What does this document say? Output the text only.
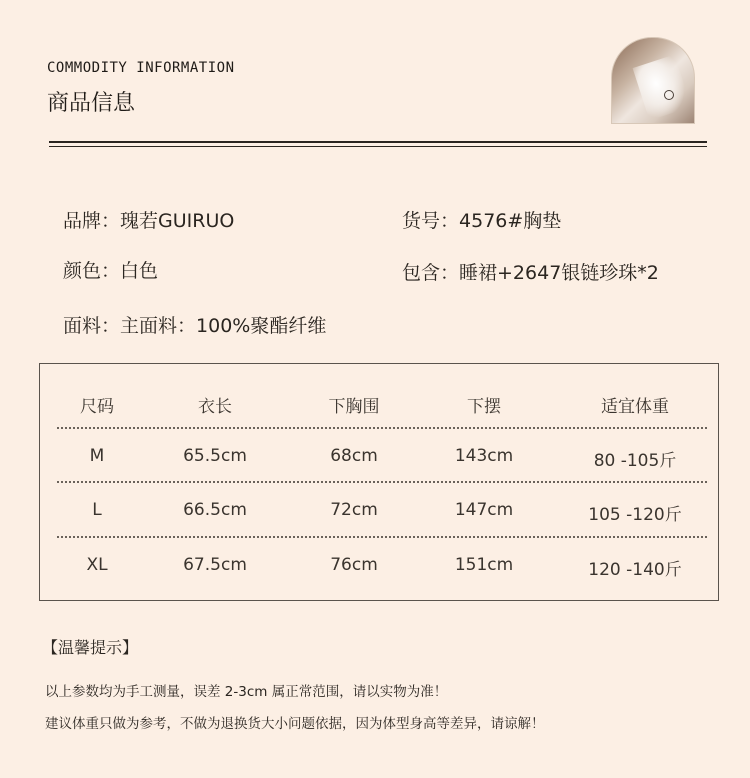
COMMODITY INFORMATION
商品信息
品牌：瑰若GUIRUO	货号：4576#胸垫
颜色：白色	包含：睡裙+2647银链珍珠*2
面料：主面料：100%聚酯纤维
尺码	衣长	下胸围	下摆	适宜体重
M	65.5cm	68cm	143cm	80 -105斤
L	66.5cm	72cm	147cm	105 -120斤
XL	67.5cm	76cm	151cm	120 -140斤
【温馨提示】
以上参数均为手工测量，误差 2-3cm 属正常范围，请以实物为准！
建议体重只做为参考，不做为退换货大小问题依据，因为体型身高等差异，请谅解！
